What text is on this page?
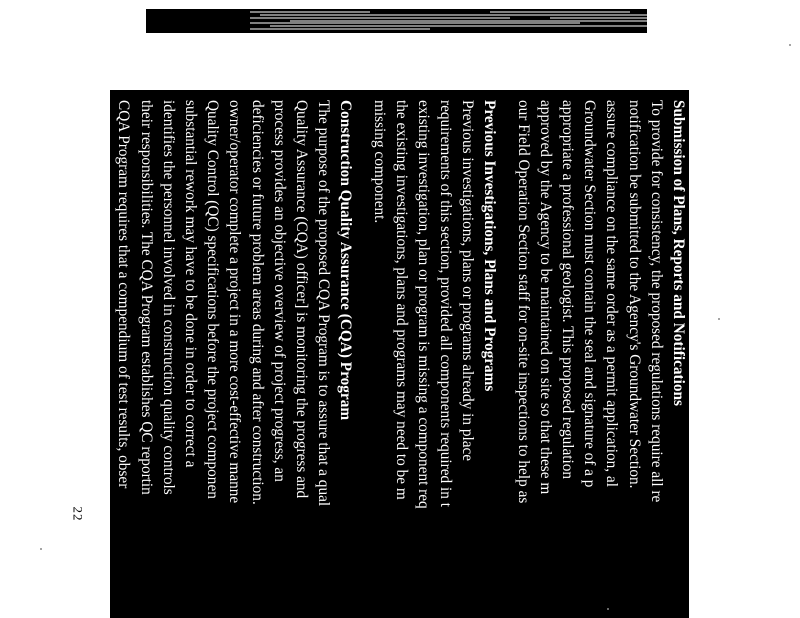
Submission of Plans, Reports and Notifications
To provide for consistency, the proposed regulations require all re
notification be submitted to the Agency's Groundwater Section.
assure compliance on the same order as a permit application, al
Groundwater Section must contain the seal and signature of a p
appropriate a professional geologist. This proposed regulation
approved by the Agency to be maintained on site so that these m
our Field Operation Section staff for on-site inspections to help as
Previous Investigations, Plans and Programs
Previous investigations, plans or programs already in place
requirements of this section, provided all components required in t
existing investigation, plan or program is missing a component req
the existing investigations, plans and programs may need to be m
missing component.
Construction Quality Assurance (CQA) Program
The purpose of the proposed CQA Program is to assure that a qual
Quality Assurance (CQA) officer] is monitoring the progress and
process provides an objective overview of project progress, an
deficiencies or future problem areas during and after construction.
owner/operator complete a project in a more cost-effective manne
Quality Control (QC) specifications before the project componen
substantial rework may have to be done in order to correct a
identifies the personnel involved in construction quality controls
their responsibilities. The CQA Program establishes QC reportin
CQA Program requires that a compendium of test results, obser
compiled into a Construction Certification Report, which is signe
engineer and shows the construction was completed as designed
22
